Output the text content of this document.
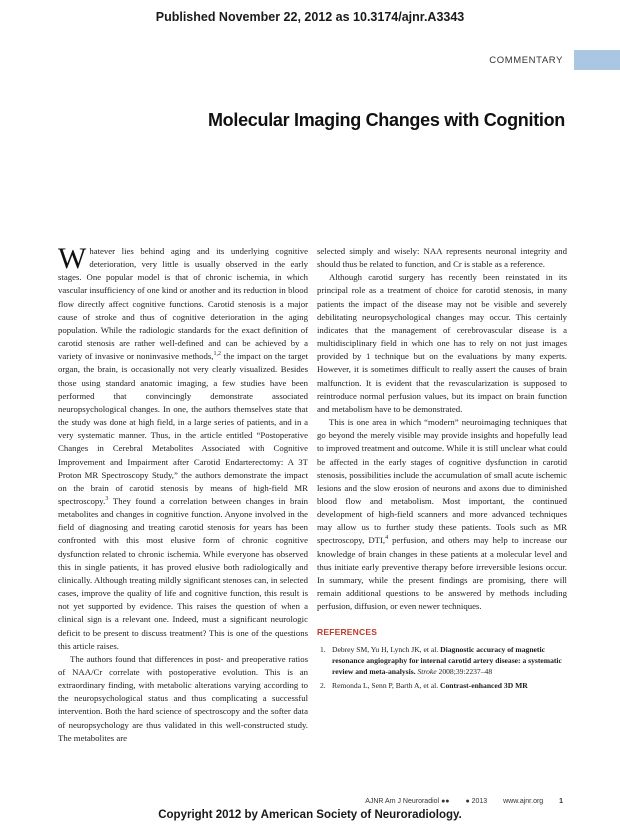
Published November 22, 2012 as 10.3174/ajnr.A3343
COMMENTARY
Molecular Imaging Changes with Cognition

Whatever lies behind aging and its underlying cognitive deterioration, very little is usually observed in the early stages. One popular model is that of chronic ischemia, in which vascular insufficiency of one kind or another and its reduction in blood flow directly affect cognitive functions. Carotid stenosis is a major cause of stroke and thus of cognitive deterioration in the aging population. While the radiologic standards for the exact definition of carotid stenosis are rather well-defined and can be achieved by a variety of invasive or noninvasive methods,$^{1,2}$ the impact on the target organ, the brain, is occasionally not very clearly visualized. Besides those using standard anatomic imaging, a few studies have been performed that convincingly demonstrate associated neuropsychological changes. In one, the authors themselves state that the study was done at high field, in a large series of patients, and in a very systematic manner. Thus, in the article entitled “Postoperative Changes in Cerebral Metabolites Associated with Cognitive Improvement and Impairment after Carotid Endarterectomy: A 3T Proton MR Spectroscopy Study,” the authors demonstrate the impact on the brain of carotid stenosis by means of high-field MR spectroscopy.$^3$ They found a correlation between changes in brain metabolites and changes in cognitive function. Anyone involved in the field of diagnosing and treating carotid stenosis for years has been confronted with this most elusive form of chronic cognitive dysfunction related to chronic ischemia. While everyone has observed this in single patients, it has proved elusive both radiologically and clinically. Although treating mildly significant stenoses can, in selected cases, improve the quality of life and cognitive function, this result is not yet supported by evidence. This raises the question of when a clinical sign is a relevant one. Indeed, must a significant neurologic deficit to be present to discuss treatment? This is one of the questions this article raises.

The authors found that differences in post- and preoperative ratios of NAA/Cr correlate with postoperative evolution. This is an extraordinary finding, with metabolic alterations varying according to the neuropsychological status and thus complicating a successful intervention. Both the hard science of spectroscopy and the softer data of neuropsychology are thus validated in this well-constructed study. The metabolites are

selected simply and wisely: NAA represents neuronal integrity and should thus be related to function, and Cr is stable as a reference.

Although carotid surgery has recently been reinstated in its principal role as a treatment of choice for carotid stenosis, in many patients the impact of the disease may not be visible and severely debilitating neuropsychological changes may occur. This certainly indicates that the management of cerebrovascular disease is a multidisciplinary field in which one has to rely on not just images provided by 1 technique but on the evaluations by many experts. However, it is sometimes difficult to really assert the causes of brain malfunction. It is evident that the revascularization is supposed to reintroduce normal perfusion values, but its impact on brain function and metabolism have to be demonstrated.

This is one area in which “modern” neuroimaging techniques that go beyond the merely visible may provide insights and hopefully lead to improved treatment and outcome. While it is still unclear what could be affected in the early stages of cognitive dysfunction in carotid stenosis, possibilities include the accumulation of small acute ischemic lesions and the slow erosion of neurons and axons due to diminished blood flow and metabolism. Most important, the continued development of high-field scanners and more advanced techniques may allow us to further study these patients. Tools such as MR spectroscopy, DTI,$^4$ perfusion, and others may help to increase our knowledge of brain changes in these patients at a molecular level and thus initiate early preventive therapy before irreversible lesions occur. In summary, while the present findings are promising, there will remain additional questions to be answered by methods including perfusion, diffusion, or even newer techniques.

REFERENCES
1. Debrey SM, Yu H, Lynch JK, et al. Diagnostic accuracy of magnetic resonance angiography for internal carotid artery disease: a systematic review and meta-analysis. Stroke 2008;39:2237–48
2. Remonda L, Senn P, Barth A, et al. Contrast-enhanced 3D MR
AJNR Am J Neuroradiol ●● ● 2013 www.ajnr.org 1
Copyright 2012 by American Society of Neuroradiology.
